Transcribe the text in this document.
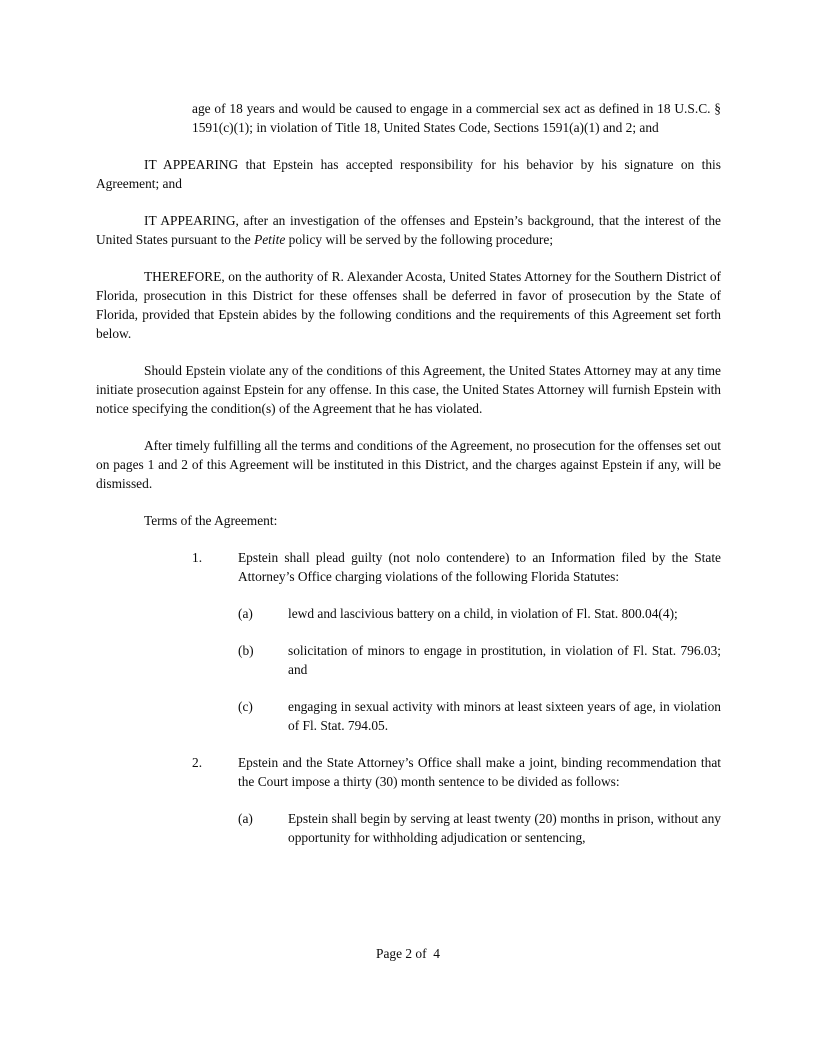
age of 18 years and would be caused to engage in a commercial sex act as defined in 18 U.S.C. § 1591(c)(1); in violation of Title 18, United States Code, Sections 1591(a)(1) and 2; and

IT APPEARING that Epstein has accepted responsibility for his behavior by his signature on this Agreement; and

IT APPEARING, after an investigation of the offenses and Epstein’s background, that the interest of the United States pursuant to the Petite policy will be served by the following procedure;

THEREFORE, on the authority of R. Alexander Acosta, United States Attorney for the Southern District of Florida, prosecution in this District for these offenses shall be deferred in favor of prosecution by the State of Florida, provided that Epstein abides by the following conditions and the requirements of this Agreement set forth below.

Should Epstein violate any of the conditions of this Agreement, the United States Attorney may at any time initiate prosecution against Epstein for any offense. In this case, the United States Attorney will furnish Epstein with notice specifying the condition(s) of the Agreement that he has violated.

After timely fulfilling all the terms and conditions of the Agreement, no prosecution for the offenses set out on pages 1 and 2 of this Agreement will be instituted in this District, and the charges against Epstein if any, will be dismissed.

Terms of the Agreement:

1.	Epstein shall plead guilty (not nolo contendere) to an Information filed by the State Attorney’s Office charging violations of the following Florida Statutes:

(a)	lewd and lascivious battery on a child, in violation of Fl. Stat. 800.04(4);

(b)	solicitation of minors to engage in prostitution, in violation of Fl. Stat. 796.03; and

(c)	engaging in sexual activity with minors at least sixteen years of age, in violation of Fl. Stat. 794.05.

2.	Epstein and the State Attorney’s Office shall make a joint, binding recommendation that the Court impose a thirty (30) month sentence to be divided as follows:

(a)	Epstein shall begin by serving at least twenty (20) months in prison, without any opportunity for withholding adjudication or sentencing,

Page 2 of  4
